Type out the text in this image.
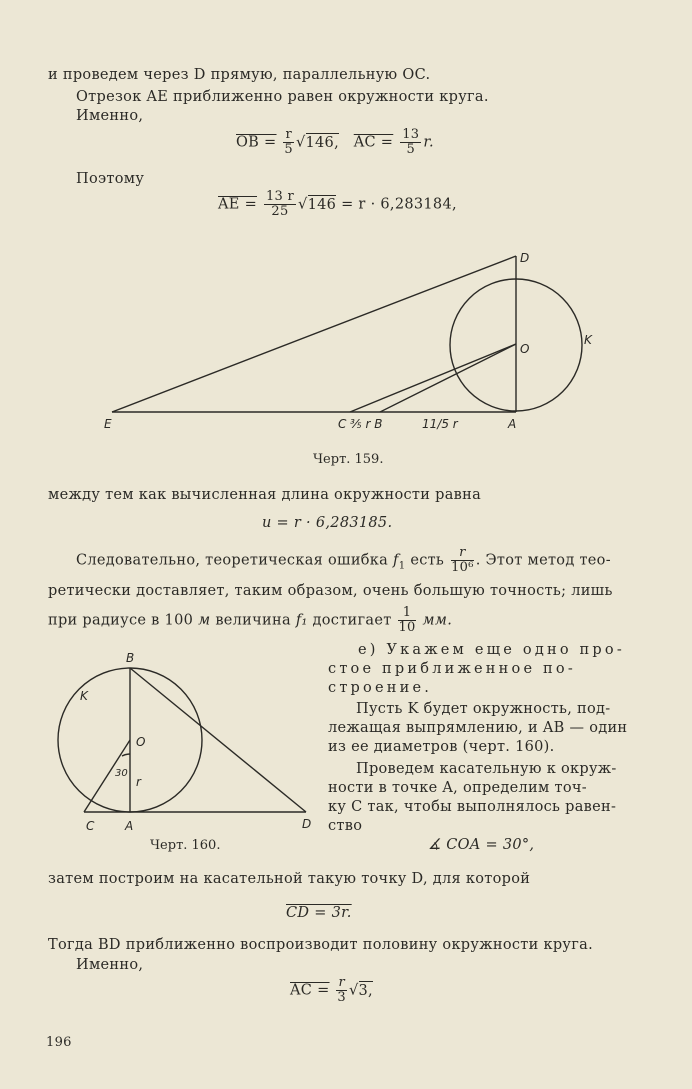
и проведем через D прямую, параллельную OC.
Отрезок AE приближенно равен окружности круга.
Именно,
OB = $\frac{r}{5} √146$, AC = $\frac{13}{5} r$.
Поэтому
AE = $\frac{13 r}{25} √146 = r \cdot 6,283184$,
D
O
K
E	C ⅗ r B	11/5 r	A
B
K
O
30
r
C	A	D
Черт. 159.
между тем как вычисленная длина окружности равна
u = r · 6,283185.
Следовательно, теоретическая ошибка $f_1$ есть $\frac{r}{\text{10⁶}}$ . Этот метод тео-
ретически доставляет, таким образом, очень большую точность; лишь
при радиусе в 100 м величина f₁ достигает $\frac{1}{10}$ мм.
е) Укажем еще одно про-
стое приближенное по-
строение.
Пусть K будет окружность, под-
лежащая выпрямлению, и AB — один
из ее диаметров (черт. 160).
Проведем касательную к окруж-
ности в точке A, определим точ-
ку C так, чтобы выполнялось равен-
ство
∡ COA = 30°,
Черт. 160.
затем построим на касательной такую точку D, для которой
CD = 3r.
Тогда BD приближенно воспроизводит половину окружности круга.
Именно,
AC = $\frac{r}{3} √3$,
196
